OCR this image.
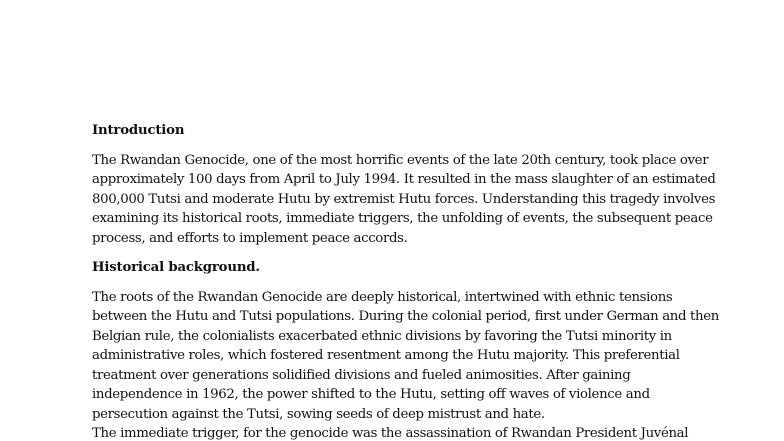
Introduction
The Rwandan Genocide, one of the most horrific events of the late 20th century, took place over
approximately 100 days from April to July 1994. It resulted in the mass slaughter of an estimated
800,000 Tutsi and moderate Hutu by extremist Hutu forces. Understanding this tragedy involves
examining its historical roots, immediate triggers, the unfolding of events, the subsequent peace
process, and efforts to implement peace accords.
Historical background.
The roots of the Rwandan Genocide are deeply historical, intertwined with ethnic tensions
between the Hutu and Tutsi populations. During the colonial period, first under German and then
Belgian rule, the colonialists exacerbated ethnic divisions by favoring the Tutsi minority in
administrative roles, which fostered resentment among the Hutu majority. This preferential
treatment over generations solidified divisions and fueled animosities. After gaining
independence in 1962, the power shifted to the Hutu, setting off waves of violence and
persecution against the Tutsi, sowing seeds of deep mistrust and hate.
The immediate trigger, for the genocide was the assassination of Rwandan President Juvénal
